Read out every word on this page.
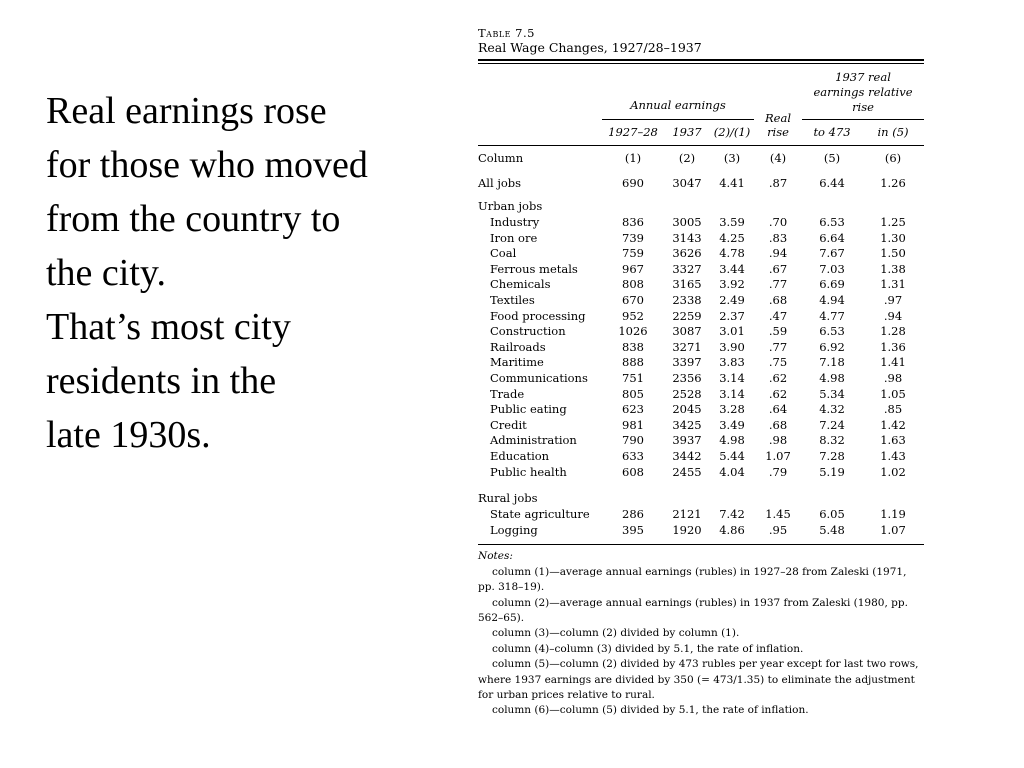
Real earnings rose
for those who moved
from the country to
the city.
That’s most city
residents in the
late 1930s.
Table 7.5
Real Wage Changes, 1927/28–1937
	Annual earnings			Real rise	1937 real earnings relative rise	
	1927–28	1937	(2)/(1)		to 473	in (5)
Column	(1)	(2)	(3)	(4)	(5)	(6)
All jobs	690	3047	4.41	.87	6.44	1.26
Urban jobs						
Industry	836	3005	3.59	.70	6.53	1.25
Iron ore	739	3143	4.25	.83	6.64	1.30
Coal	759	3626	4.78	.94	7.67	1.50
Ferrous metals	967	3327	3.44	.67	7.03	1.38
Chemicals	808	3165	3.92	.77	6.69	1.31
Textiles	670	2338	2.49	.68	4.94	.97
Food processing	952	2259	2.37	.47	4.77	.94
Construction	1026	3087	3.01	.59	6.53	1.28
Railroads	838	3271	3.90	.77	6.92	1.36
Maritime	888	3397	3.83	.75	7.18	1.41
Communications	751	2356	3.14	.62	4.98	.98
Trade	805	2528	3.14	.62	5.34	1.05
Public eating	623	2045	3.28	.64	4.32	.85
Credit	981	3425	3.49	.68	7.24	1.42
Administration	790	3937	4.98	.98	8.32	1.63
Education	633	3442	5.44	1.07	7.28	1.43
Public health	608	2455	4.04	.79	5.19	1.02
Rural jobs						
State agriculture	286	2121	7.42	1.45	6.05	1.19
Logging	395	1920	4.86	.95	5.48	1.07
Notes:
column (1)—average annual earnings (rubles) in 1927–28 from Zaleski (1971, pp. 318–19).
column (2)—average annual earnings (rubles) in 1937 from Zaleski (1980, pp. 562–65).
column (3)—column (2) divided by column (1).
column (4)–column (3) divided by 5.1, the rate of inflation.
column (5)—column (2) divided by 473 rubles per year except for last two rows, where 1937 earnings are divided by 350 (= 473/1.35) to eliminate the adjustment for urban prices relative to rural.
column (6)—column (5) divided by 5.1, the rate of inflation.
